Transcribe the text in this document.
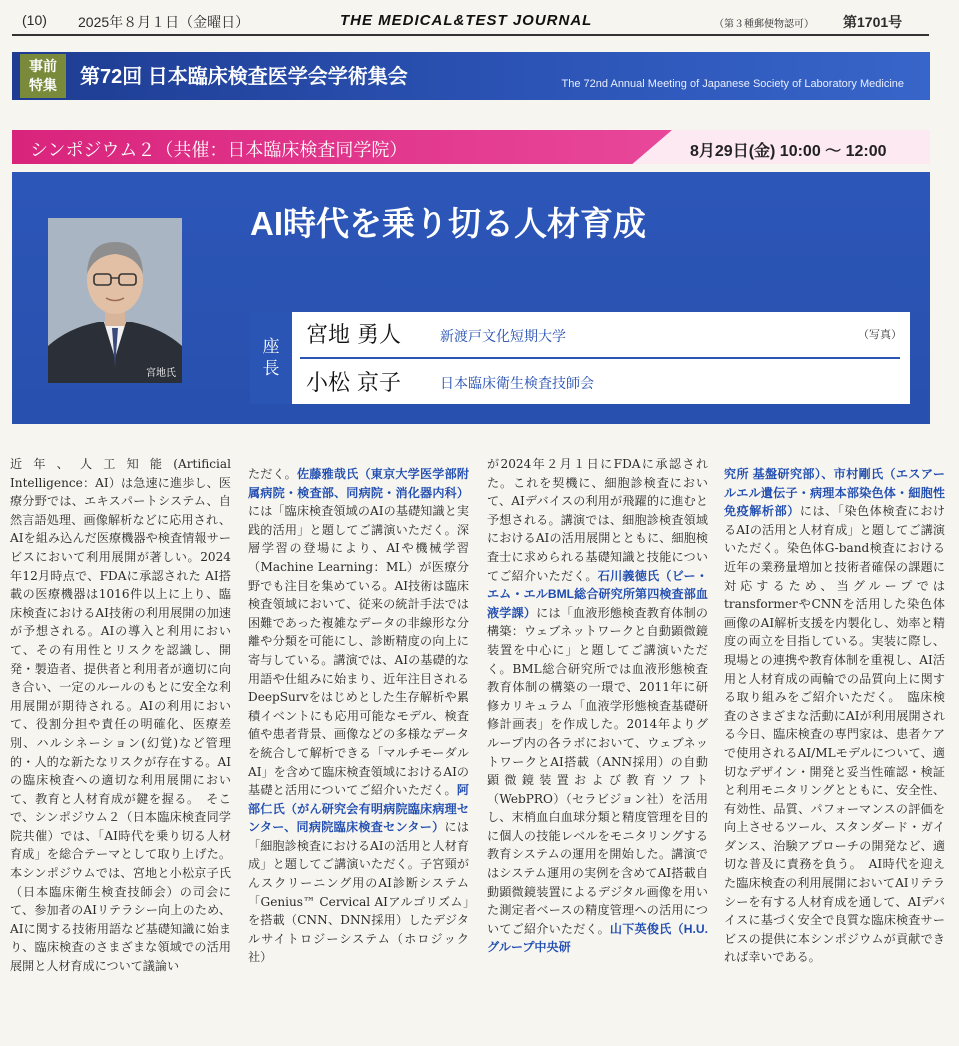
(10) 2025年８月１日（金曜日）	THE MEDICAL&TEST JOURNAL	（第３種郵便物認可） 第1701号
事前
特集	第72回 日本臨床検査医学会学術集会	The 72nd Annual Meeting of Japanese Society of Laboratory Medicine
シンポジウム２（共催：日本臨床検査同学院）	8月29日(金) 10:00 ～ 12:00
AI時代を乗り切る人材育成
宮地氏
座
長
宮地 勇人	新渡戸文化短期大学	（写真）
小松 京子	日本臨床衛生検査技師会

近年、人工知能(Artificial Intelligence：AI）は急速に進歩し、医療分野では、エキスパートシステム、自然言語処理、画像解析などに応用され、AIを組み込んだ医療機器や検査情報サービスにおいて利用展開が著しい。2024年12月時点で、FDAに承認された AI搭載の医療機器は1016件以上に上り、臨床検査におけるAI技術の利用展開の加速が予想される。AIの導入と利用において、その有用性とリスクを認識し、開発・製造者、提供者と利用者が適切に向き合い、一定のルールのもとに安全な利用展開が期待される。AIの利用において、役割分担や責任の明確化、医療差別、ハルシネーション(幻覚)など管理的・人的な新たなリスクが存在する。AIの臨床検査への適切な利用展開において、教育と人材育成が鍵を握る。　そこで、シンポジウム２（日本臨床検査同学院共催）では、「AI時代を乗り切る人材育成」を総合テーマとして取り上げた。本シンポジウムでは、宮地と小松京子氏（日本臨床衛生検査技師会）の司会にて、参加者のAIリテラシー向上のため、AIに関する技術用語など基礎知識に始まり、臨床検査のさまざまな領域での活用展開と人材育成について議論い

ただく。佐藤雅哉氏（東京大学医学部附属病院・検査部、同病院・消化器内科）には「臨床検査領域のAIの基礎知識と実践的活用」と題してご講演いただく。深層学習の登場により、AIや機械学習（Machine Learning：ML）が医療分野でも注目を集めている。AI技術は臨床検査領域において、従来の統計手法では困難であった複雑なデータの非線形な分離や分類を可能にし、診断精度の向上に寄与している。講演では、AIの基礎的な用語や仕組みに始まり、近年注目されるDeepSurvをはじめとした生存解析や累積イベントにも応用可能なモデル、検査値や患者背景、画像などの多様なデータを統合して解析できる「マルチモーダルAI」を含めて臨床検査領域におけるAIの基礎と活用についてご紹介いただく。阿部仁氏（がん研究会有明病院臨床病理センター、同病院臨床検査センター）には「細胞診検査におけるAIの活用と人材育成」と題してご講演いただく。子宮頸がんスクリーニング用のAI診断システム「Genius™ Cervical AIアルゴリズム」を搭載（CNN、DNN採用）したデジタルサイトロジーシステム（ホロジック社）

が2024年２月１日にFDAに承認された。これを契機に、細胞診検査において、AIデバイスの利用が飛躍的に進むと予想される。講演では、細胞診検査領域におけるAIの活用展開とともに、細胞検査士に求められる基礎知識と技能についてご紹介いただく。石川義徳氏（ビー・エム・エルBML総合研究所第四検査部血液学課）には「血液形態検査教育体制の構築：ウェブネットワークと自動顕微鏡装置を中心に」と題してご講演いただく。BML総合研究所では血液形態検査教育体制の構築の一環で、2011年に研修カリキュラム「血液学形態検査基礎研修計画表」を作成した。2014年よりグループ内の各ラボにおいて、ウェブネットワークとAI搭載（ANN採用）の自動顕微鏡装置および教育ソフト（WebPRO）（セラビジョン社）を活用し、末梢血白血球分類と精度管理を目的に個人の技能レベルをモニタリングする教育システムの運用を開始した。講演ではシステム運用の実例を含めてAI搭載自動顕微鏡装置によるデジタル画像を用いた測定者ベースの精度管理への活用についてご紹介いただく。山下英俊氏（H.U.グループ中央研

究所 基盤研究部）、市村剛氏（エスアールエル遺伝子・病理本部染色体・細胞性免疫解析部）には、「染色体検査におけるAIの活用と人材育成」と題してご講演いただく。染色体G-band検査における近年の業務量増加と技術者確保の課題に対応するため、当グループではtransformerやCNNを活用した染色体画像のAI解析支援を内製化し、効率と精度の両立を目指している。実装に際し、現場との連携や教育体制を重視し、AI活用と人材育成の両輪での品質向上に関する取り組みをご紹介いただく。　臨床検査のさまざまな活動にAIが利用展開される今日、臨床検査の専門家は、患者ケアで使用されるAI/MLモデルについて、適切なデザイン・開発と妥当性確認・検証と利用モニタリングとともに、安全性、有効性、品質、パフォーマンスの評価を向上させるツール、スタンダード・ガイダンス、治験アプローチの開発など、適切な普及に責務を負う。　AI時代を迎えた臨床検査の利用展開においてAIリテラシーを有する人材育成を通して、AIデバイスに基づく安全で良質な臨床検査サービスの提供に本シンポジウムが貢献できれば幸いである。
